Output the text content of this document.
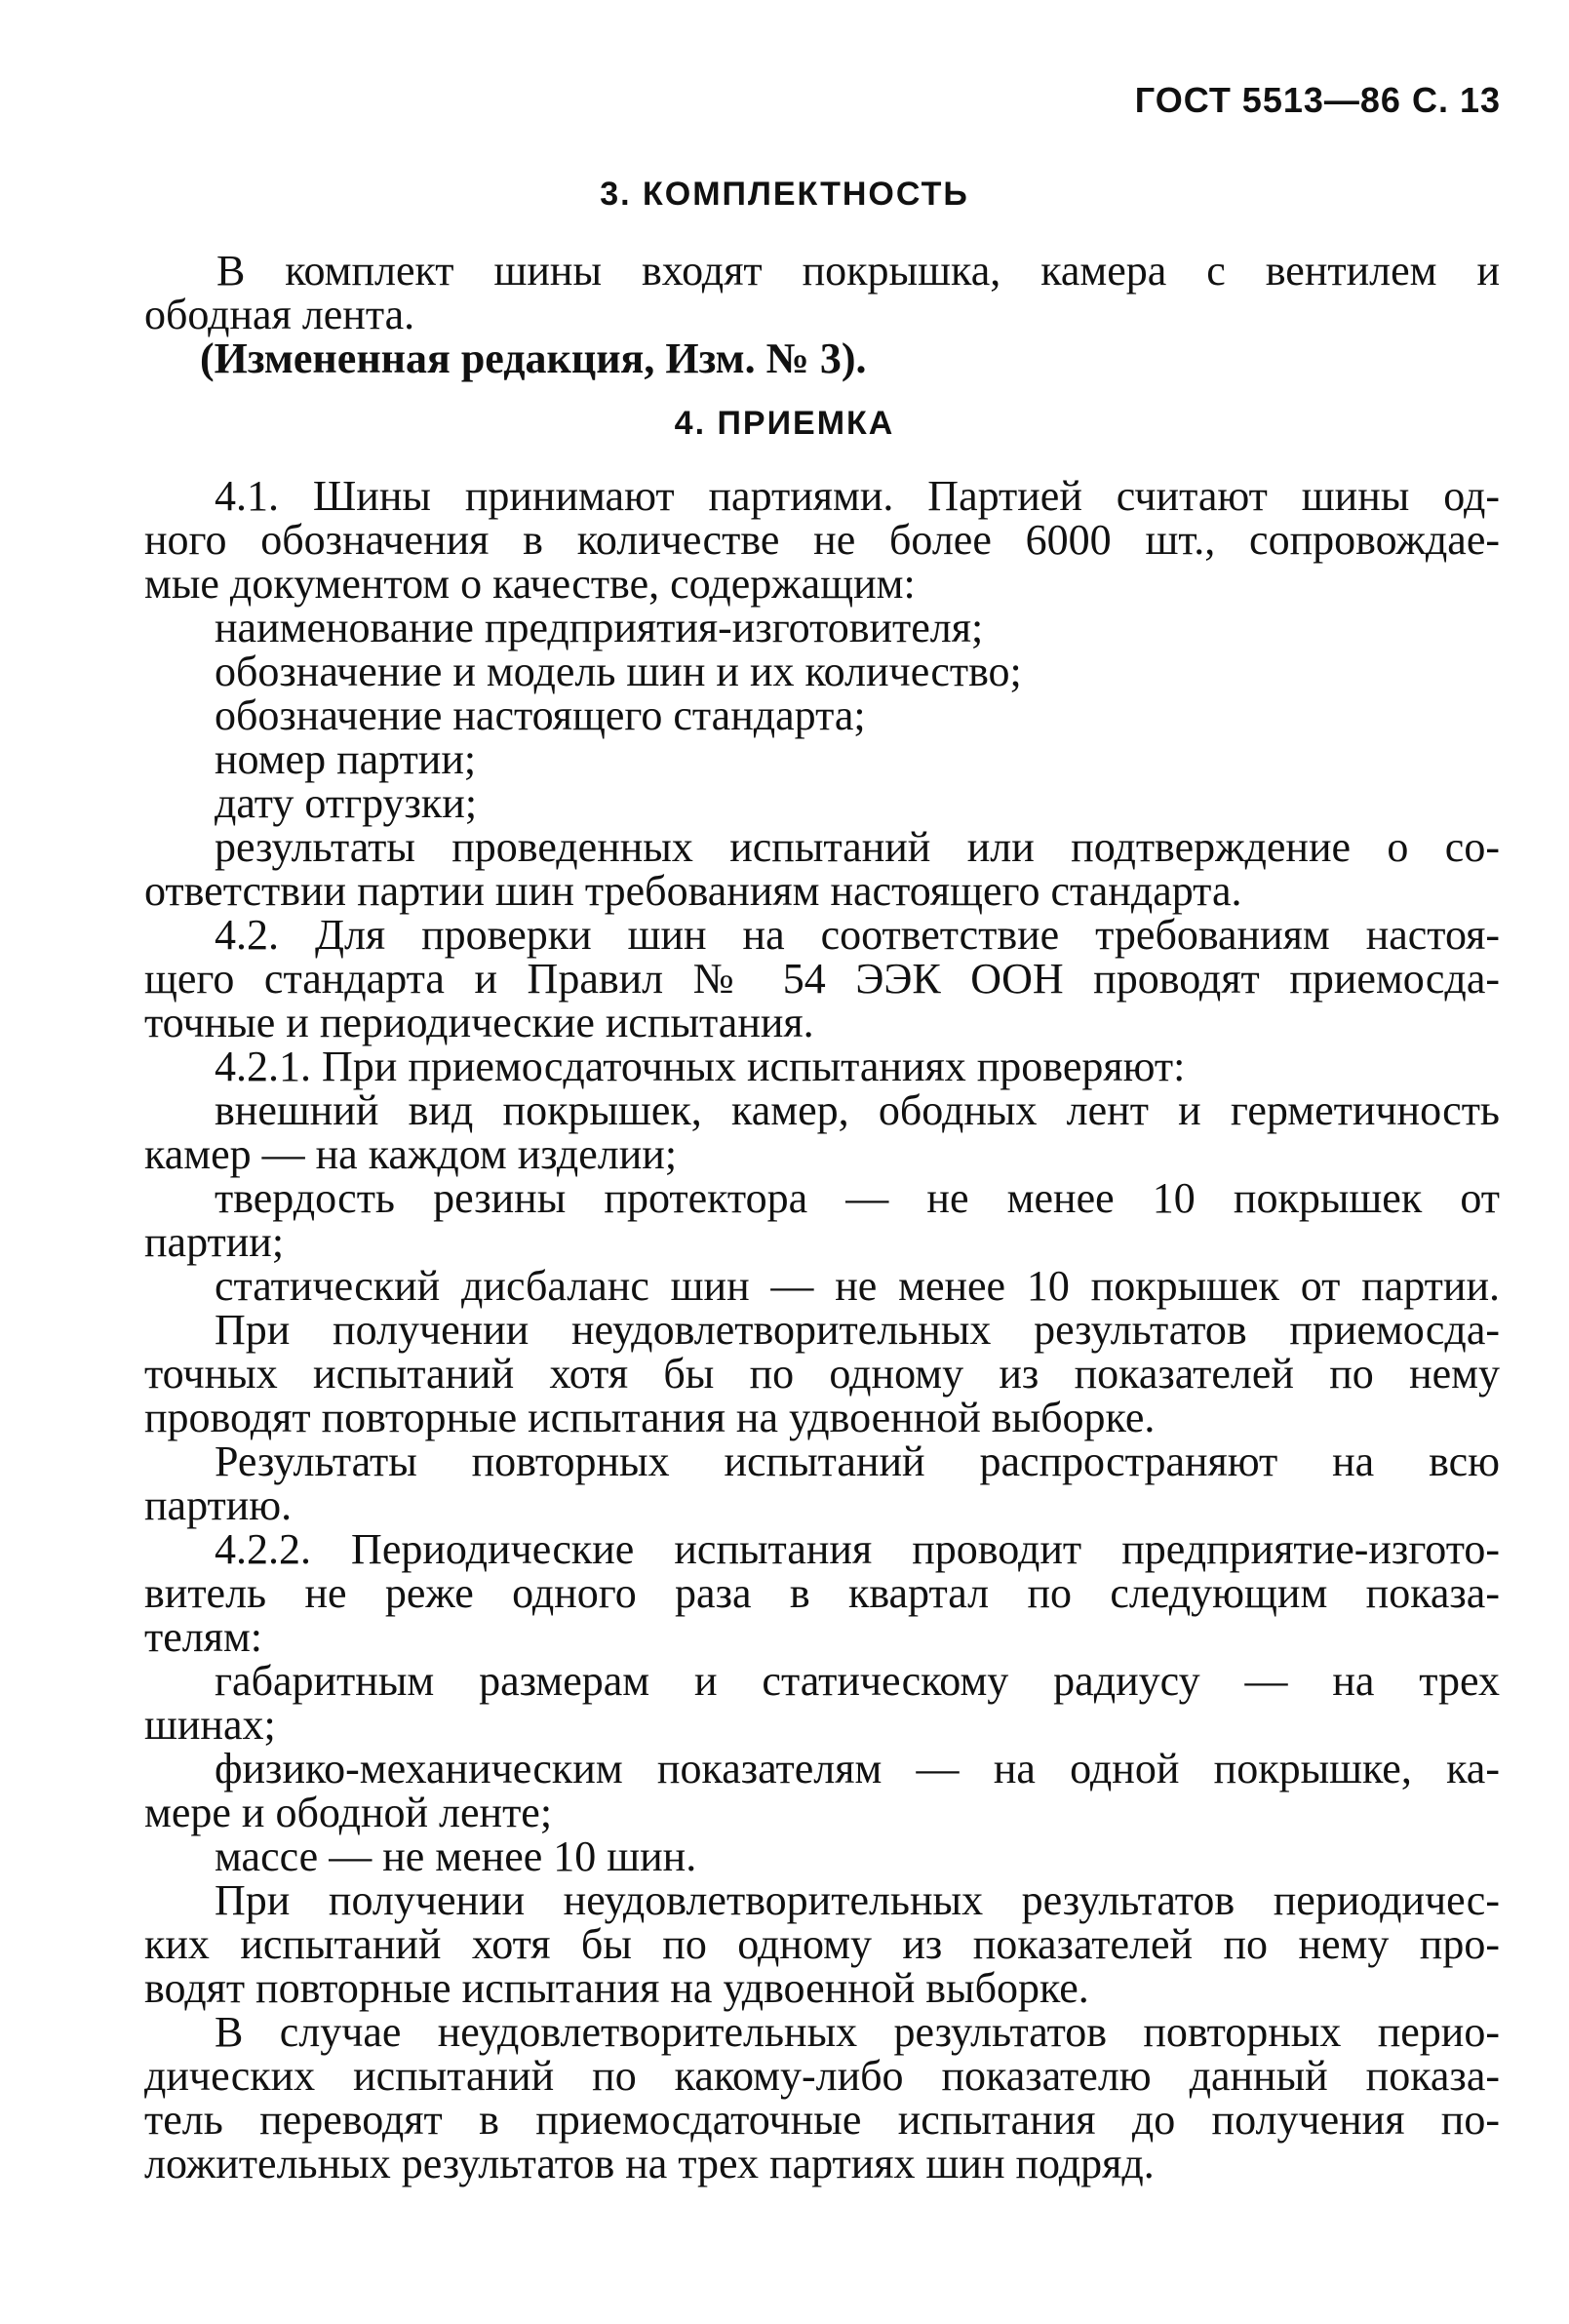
ГОСТ 5513—86 С. 13
3. КОМПЛЕКТНОСТЬ
В комплект шины входят покрышка, камера с вентилем и
ободная лента.
(Измененная редакция, Изм. № 3).
4. ПРИЕМКА
4.1. Шины принимают партиями. Партией считают шины од-
ного обозначения в количестве не более 6000 шт., сопровождае-
мые документом о качестве, содержащим:
наименование предприятия-изготовителя;
обозначение и модель шин и их количество;
обозначение настоящего стандарта;
номер партии;
дату отгрузки;
результаты проведенных испытаний или подтверждение о со-
ответствии партии шин требованиям настоящего стандарта.
4.2. Для проверки шин на соответствие требованиям настоя-
щего стандарта и Правил № 54 ЭЭК ООН проводят приемосда-
точные и периодические испытания.
4.2.1. При приемосдаточных испытаниях проверяют:
внешний вид покрышек, камер, ободных лент и герметичность
камер — на каждом изделии;
твердость резины протектора — не менее 10 покрышек от
партии;
статический дисбаланс шин — не менее 10 покрышек от партии.
При получении неудовлетворительных результатов приемосда-
точных испытаний хотя бы по одному из показателей по нему
проводят повторные испытания на удвоенной выборке.
Результаты повторных испытаний распространяют на всю
партию.
4.2.2. Периодические испытания проводит предприятие-изгото-
витель не реже одного раза в квартал по следующим показа-
телям:
габаритным размерам и статическому радиусу — на трех
шинах;
физико-механическим показателям — на одной покрышке, ка-
мере и ободной ленте;
массе — не менее 10 шин.
При получении неудовлетворительных результатов периодичес-
ких испытаний хотя бы по одному из показателей по нему про-
водят повторные испытания на удвоенной выборке.
В случае неудовлетворительных результатов повторных перио-
дических испытаний по какому-либо показателю данный показа-
тель переводят в приемосдаточные испытания до получения по-
ложительных результатов на трех партиях шин подряд.
